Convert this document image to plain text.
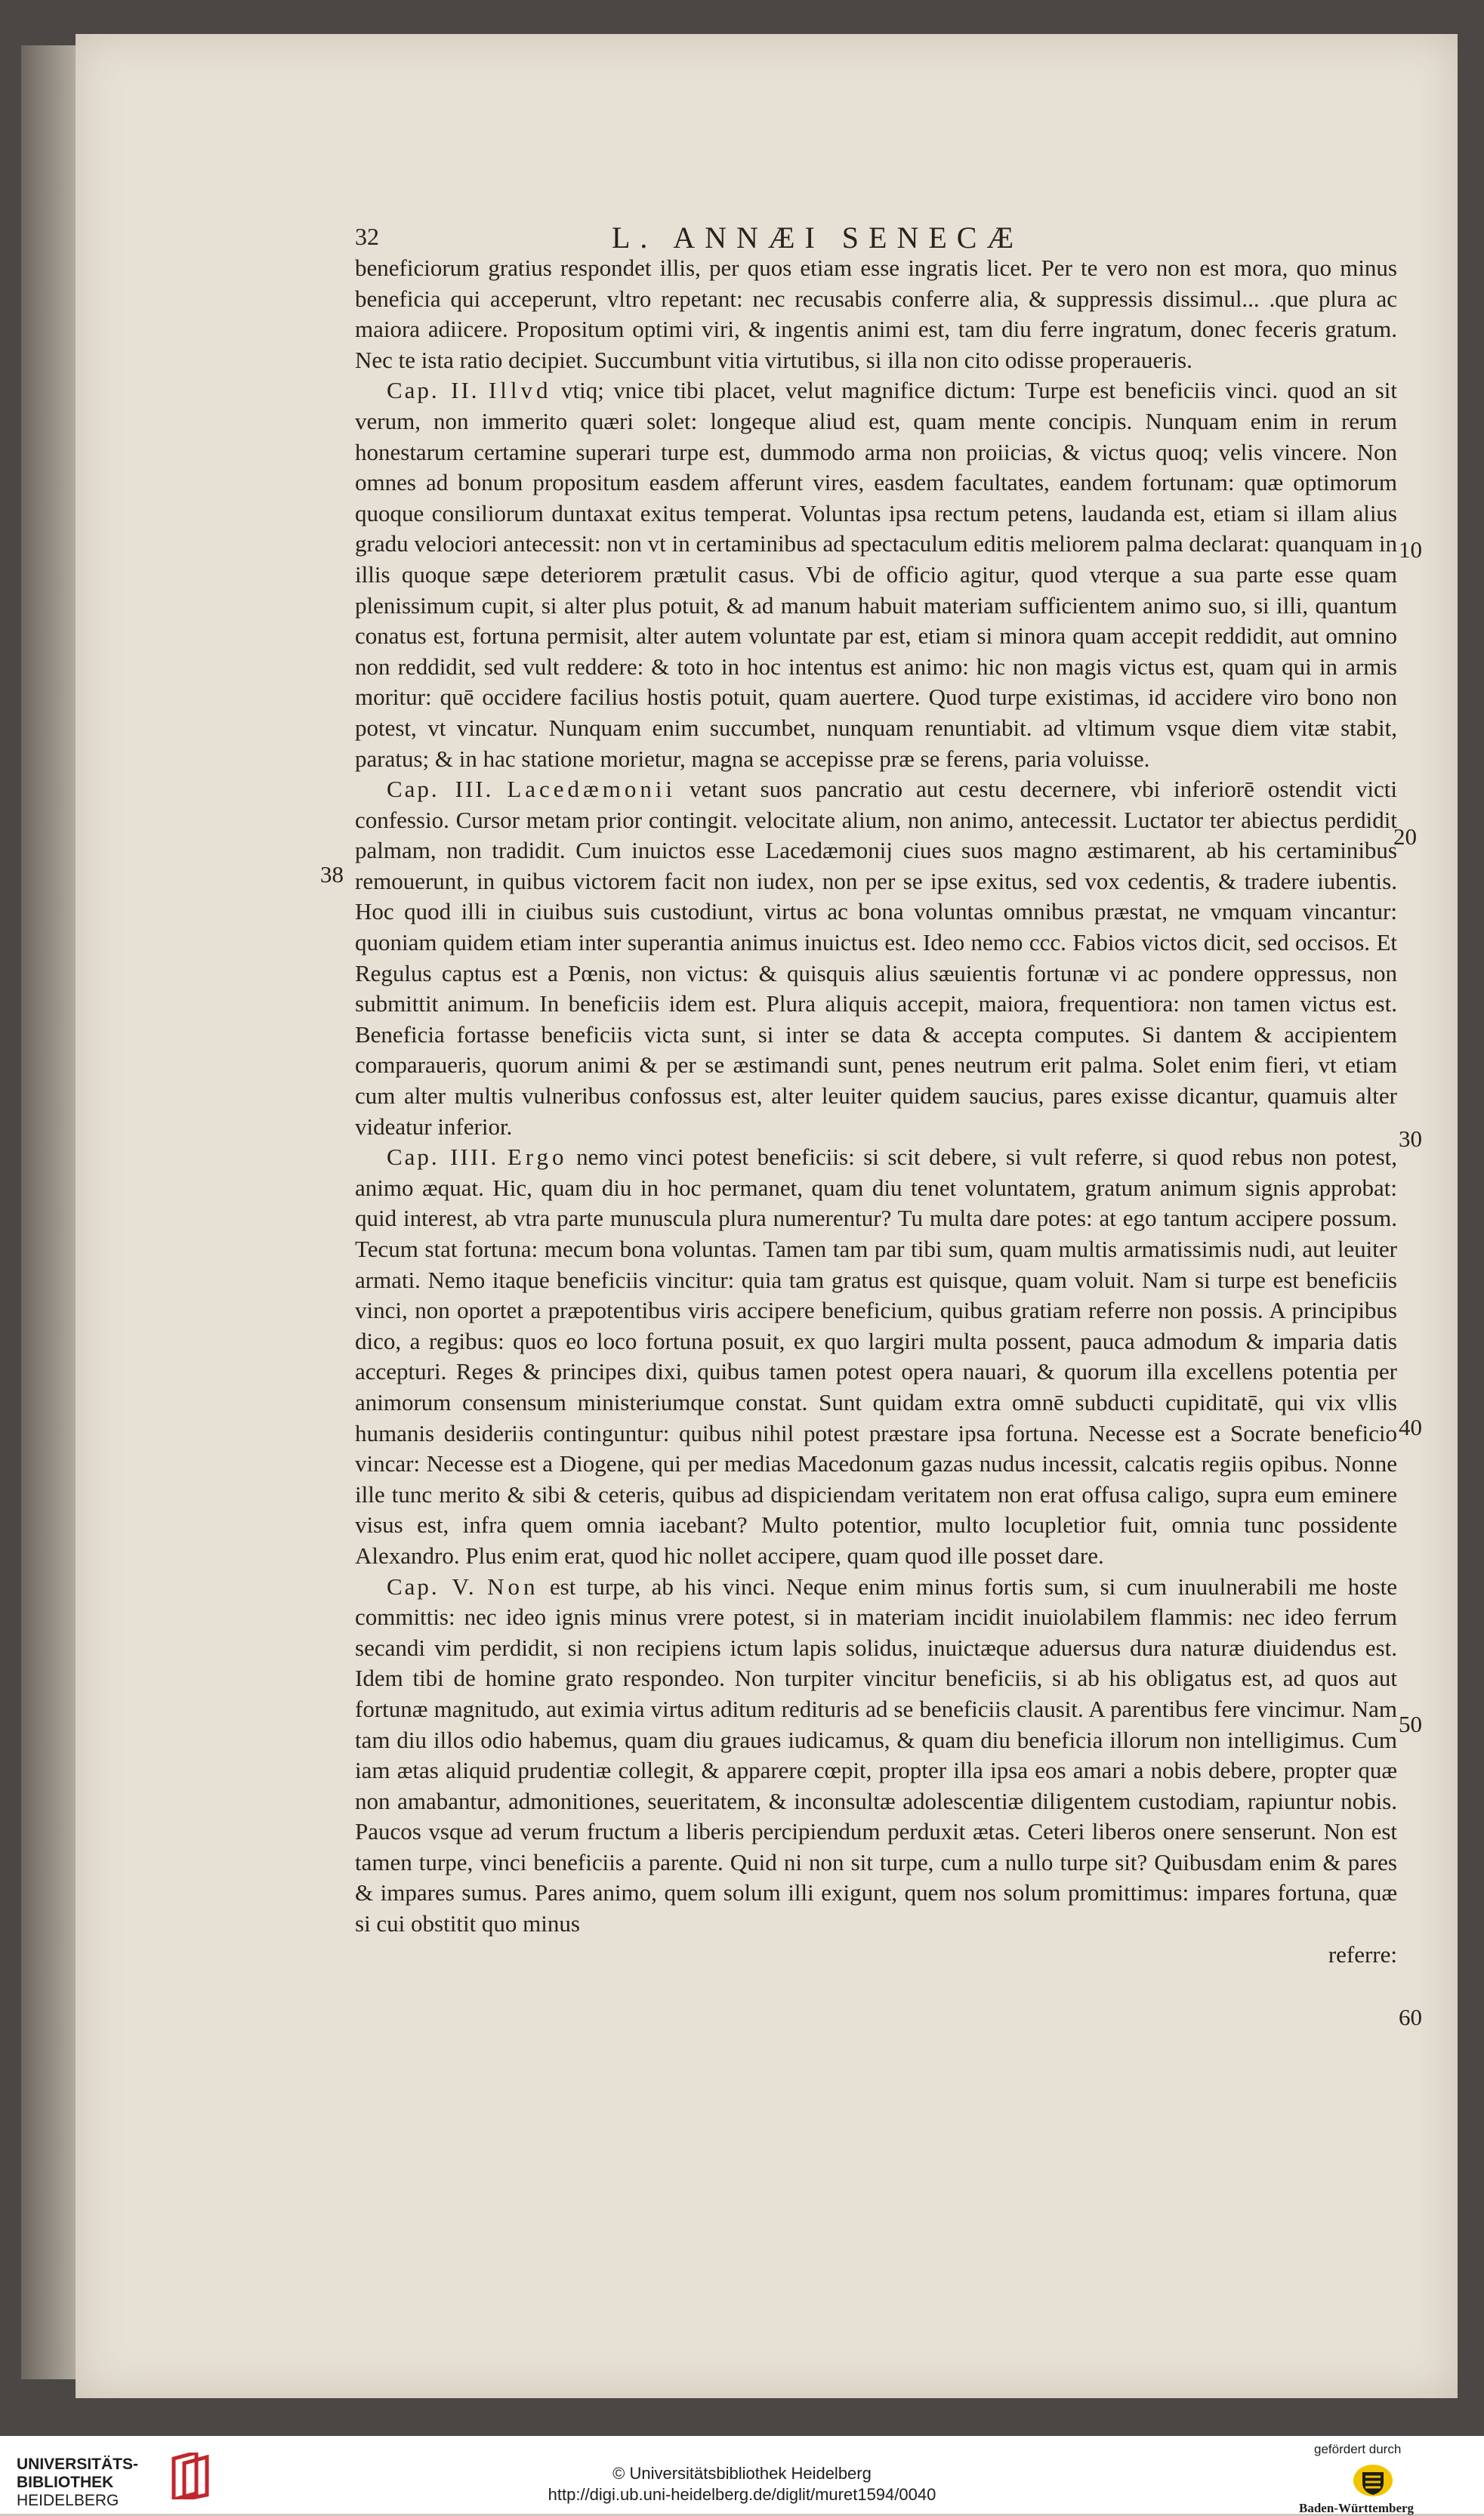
32	L. ANNÆI SENECÆ

beneficiorum gratius respondet illis, per quos etiam esse ingratis licet. Per te vero non est mora, quo minus beneficia qui acceperunt, vltro repetant: nec recusabis conferre alia, & suppressis dissimul... .que plura ac maiora adiicere. Propositum optimi viri, & ingentis animi est, tam diu ferre ingratum, donec feceris gratum. Nec te ista ratio decipiet. Succumbunt vitia virtutibus, si illa non cito odisse properaueris.

Cap. II. Illvd vtiq; vnice tibi placet, velut magnifice dictum: Turpe est beneficiis vinci. quod an sit verum, non immerito quæri solet: longeque aliud est, quam mente concipis. Nunquam enim in rerum honestarum certamine superari turpe est, dummodo arma non proiicias, & victus quoq; velis vincere. Non omnes ad bonum propositum easdem afferunt vires, easdem facultates, eandem fortunam: quæ optimorum quoque consiliorum duntaxat exitus temperat. Voluntas ipsa rectum petens, laudanda est, etiam si illam alius gradu velociori antecessit: non vt in certaminibus ad spectaculum editis meliorem palma declarat: quanquam in illis quoque sæpe deteriorem prætulit casus. Vbi de officio agitur, quod vterque a sua parte esse quam plenissimum cupit, si alter plus potuit, & ad manum habuit materiam sufficientem animo suo, si illi, quantum conatus est, fortuna permisit, alter autem voluntate par est, etiam si minora quam accepit reddidit, aut omnino non reddidit, sed vult reddere: & toto in hoc intentus est animo: hic non magis victus est, quam qui in armis moritur: quē occidere facilius hostis potuit, quam auertere. Quod turpe existimas, id accidere viro bono non potest, vt vincatur. Nunquam enim succumbet, nunquam renuntiabit. ad vltimum vsque diem vitæ stabit, paratus; & in hac statione morietur, magna se accepisse præ se ferens, paria voluisse.

Cap. III. Lacedæmonii vetant suos pancratio aut cestu decernere, vbi inferiorē ostendit victi confessio. Cursor metam prior contingit. velocitate alium, non animo, antecessit. Luctator ter abiectus perdidit palmam, non tradidit. Cum inuictos esse Lacedæmonij ciues suos magno æstimarent, ab his certaminibus remouerunt, in quibus victorem facit non iudex, non per se ipse exitus, sed vox cedentis, & tradere iubentis. Hoc quod illi in ciuibus suis custodiunt, virtus ac bona voluntas omnibus præstat, ne vmquam vincantur: quoniam quidem etiam inter superantia animus inuictus est. Ideo nemo ccc. Fabios victos dicit, sed occisos. Et Regulus captus est a Pœnis, non victus: & quisquis alius sæuientis fortunæ vi ac pondere oppressus, non submittit animum. In beneficiis idem est. Plura aliquis accepit, maiora, frequentiora: non tamen victus est. Beneficia fortasse beneficiis victa sunt, si inter se data & accepta computes. Si dantem & accipientem comparaueris, quorum animi & per se æstimandi sunt, penes neutrum erit palma. Solet enim fieri, vt etiam cum alter multis vulneribus confossus est, alter leuiter quidem saucius, pares exisse dicantur, quamuis alter videatur inferior.

Cap. IIII. Ergo nemo vinci potest beneficiis: si scit debere, si vult referre, si quod rebus non potest, animo æquat. Hic, quam diu in hoc permanet, quam diu tenet voluntatem, gratum animum signis approbat: quid interest, ab vtra parte munuscula plura numerentur? Tu multa dare potes: at ego tantum accipere possum. Tecum stat fortuna: mecum bona voluntas. Tamen tam par tibi sum, quam multis armatissimis nudi, aut leuiter armati. Nemo itaque beneficiis vincitur: quia tam gratus est quisque, quam voluit. Nam si turpe est beneficiis vinci, non oportet a præpotentibus viris accipere beneficium, quibus gratiam referre non possis. A principibus dico, a regibus: quos eo loco fortuna posuit, ex quo largiri multa possent, pauca admodum & imparia datis accepturi. Reges & principes dixi, quibus tamen potest opera nauari, & quorum illa excellens potentia per animorum consensum ministeriumque constat. Sunt quidam extra omnē subducti cupiditatē, qui vix vllis humanis desideriis continguntur: quibus nihil potest præstare ipsa fortuna. Necesse est a Socrate beneficio vincar: Necesse est a Diogene, qui per medias Macedonum gazas nudus incessit, calcatis regiis opibus. Nonne ille tunc merito & sibi & ceteris, quibus ad dispiciendam veritatem non erat offusa caligo, supra eum eminere visus est, infra quem omnia iacebant? Multo potentior, multo locupletior fuit, omnia tunc possidente Alexandro. Plus enim erat, quod hic nollet accipere, quam quod ille posset dare.

Cap. V. Non est turpe, ab his vinci. Neque enim minus fortis sum, si cum inuulnerabili me hoste committis: nec ideo ignis minus vrere potest, si in materiam incidit inuiolabilem flammis: nec ideo ferrum secandi vim perdidit, si non recipiens ictum lapis solidus, inuictæque aduersus dura naturæ diuidendus est. Idem tibi de homine grato respondeo. Non turpiter vincitur beneficiis, si ab his obligatus est, ad quos aut fortunæ magnitudo, aut eximia virtus aditum redituris ad se beneficiis clausit. A parentibus fere vincimur. Nam tam diu illos odio habemus, quam diu graues iudicamus, & quam diu beneficia illorum non intelligimus. Cum iam ætas aliquid prudentiæ collegit, & apparere cœpit, propter illa ipsa eos amari a nobis debere, propter quæ non amabantur, admonitiones, seueritatem, & inconsultæ adolescentiæ diligentem custodiam, rapiuntur nobis. Paucos vsque ad verum fructum a liberis percipiendum perduxit ætas. Ceteri liberos onere senserunt. Non est tamen turpe, vinci beneficiis a parente. Quid ni non sit turpe, cum a nullo turpe sit? Quibusdam enim & pares & impares sumus. Pares animo, quem solum illi exigunt, quem nos solum promittimus: impares fortuna, quæ si cui obstitit quo minus

referre:
38
10
20
30
40
50
60
UNIVERSITÄTS-
BIBLIOTHEK
HEIDELBERG
© Universitätsbibliothek Heidelberg
http://digi.ub.uni-heidelberg.de/diglit/muret1594/0040
gefördert durch
Baden-Württemberg
